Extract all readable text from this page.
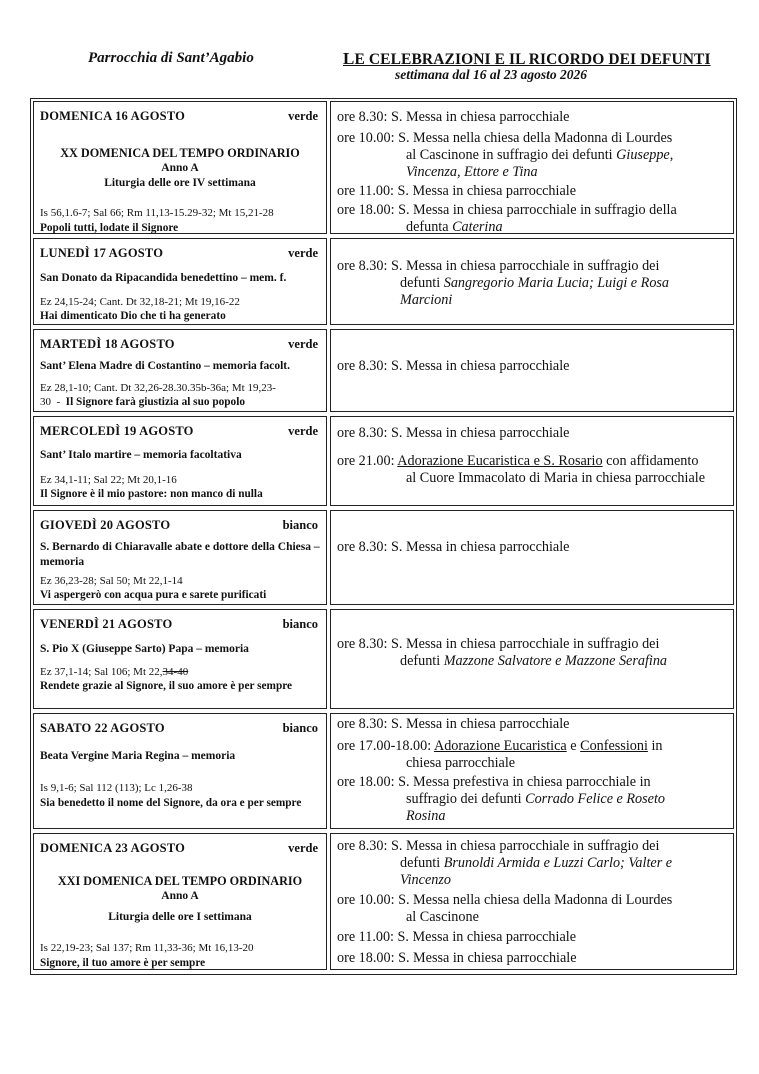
Parrocchia di Sant’Agabio	LE CELEBRAZIONI E IL RICORDO DEI DEFUNTI
settimana dal 16 al 23 agosto 2026
DOMENICA 16 AGOSTO	verde
XX DOMENICA DEL TEMPO ORDINARIO
Anno A
Liturgia delle ore IV settimana
Is 56,1.6-7; Sal 66; Rm 11,13-15.29-32; Mt 15,21-28
Popoli tutti, lodate il Signore
ore 8.30: S. Messa in chiesa parrocchiale
ore 10.00: S. Messa nella chiesa della Madonna di Lourdes
al Cascinone in suffragio dei defunti Giuseppe,
Vincenza, Ettore e Tina
ore 11.00: S. Messa in chiesa parrocchiale
ore 18.00: S. Messa in chiesa parrocchiale in suffragio della
defunta Caterina
LUNEDÌ 17 AGOSTO	verde
San Donato da Ripacandida benedettino – mem. f.
Ez 24,15-24; Cant. Dt 32,18-21; Mt 19,16-22
Hai dimenticato Dio che ti ha generato
ore 8.30: S. Messa in chiesa parrocchiale in suffragio dei
defunti Sangregorio Maria Lucia; Luigi e Rosa
Marcioni
MARTEDÌ 18 AGOSTO	verde
Sant’ Elena Madre di Costantino – memoria facolt.
Ez 28,1-10; Cant. Dt 32,26-28.30.35b-36a; Mt 19,23-
30  -  Il Signore farà giustizia al suo popolo
ore 8.30: S. Messa in chiesa parrocchiale
MERCOLEDÌ 19 AGOSTO	verde
Sant’ Italo martire – memoria facoltativa
Ez 34,1-11; Sal 22; Mt 20,1-16
Il Signore è il mio pastore: non manco di nulla
ore 8.30: S. Messa in chiesa parrocchiale
ore 21.00: Adorazione Eucaristica e S. Rosario con affidamento
al Cuore Immacolato di Maria in chiesa parrocchiale
GIOVEDÌ 20 AGOSTO	bianco
S. Bernardo di Chiaravalle abate e dottore della Chiesa – memoria
Ez 36,23-28; Sal 50; Mt 22,1-14
Vi aspergerò con acqua pura e sarete purificati
ore 8.30: S. Messa in chiesa parrocchiale
VENERDÌ 21 AGOSTO	bianco
S. Pio X (Giuseppe Sarto) Papa – memoria
Ez 37,1-14; Sal 106; Mt 22,34-40
Rendete grazie al Signore, il suo amore è per sempre
ore 8.30: S. Messa in chiesa parrocchiale in suffragio dei
defunti Mazzone Salvatore e Mazzone Serafina
SABATO 22 AGOSTO	bianco
Beata Vergine Maria Regina – memoria
Is 9,1-6; Sal 112 (113); Lc 1,26-38
Sia benedetto il nome del Signore, da ora e per sempre
ore 8.30: S. Messa in chiesa parrocchiale
ore 17.00-18.00: Adorazione Eucaristica e Confessioni in
chiesa parrocchiale
ore 18.00: S. Messa prefestiva in chiesa parrocchiale in
suffragio dei defunti Corrado Felice e Roseto
Rosina
DOMENICA 23 AGOSTO	verde
XXI DOMENICA DEL TEMPO ORDINARIO
Anno A
Liturgia delle ore I settimana
Is 22,19-23; Sal 137; Rm 11,33-36; Mt 16,13-20
Signore, il tuo amore è per sempre
ore 8.30: S. Messa in chiesa parrocchiale in suffragio dei
defunti Brunoldi Armida e Luzzi Carlo; Valter e
Vincenzo
ore 10.00: S. Messa nella chiesa della Madonna di Lourdes
al Cascinone
ore 11.00: S. Messa in chiesa parrocchiale
ore 18.00: S. Messa in chiesa parrocchiale
